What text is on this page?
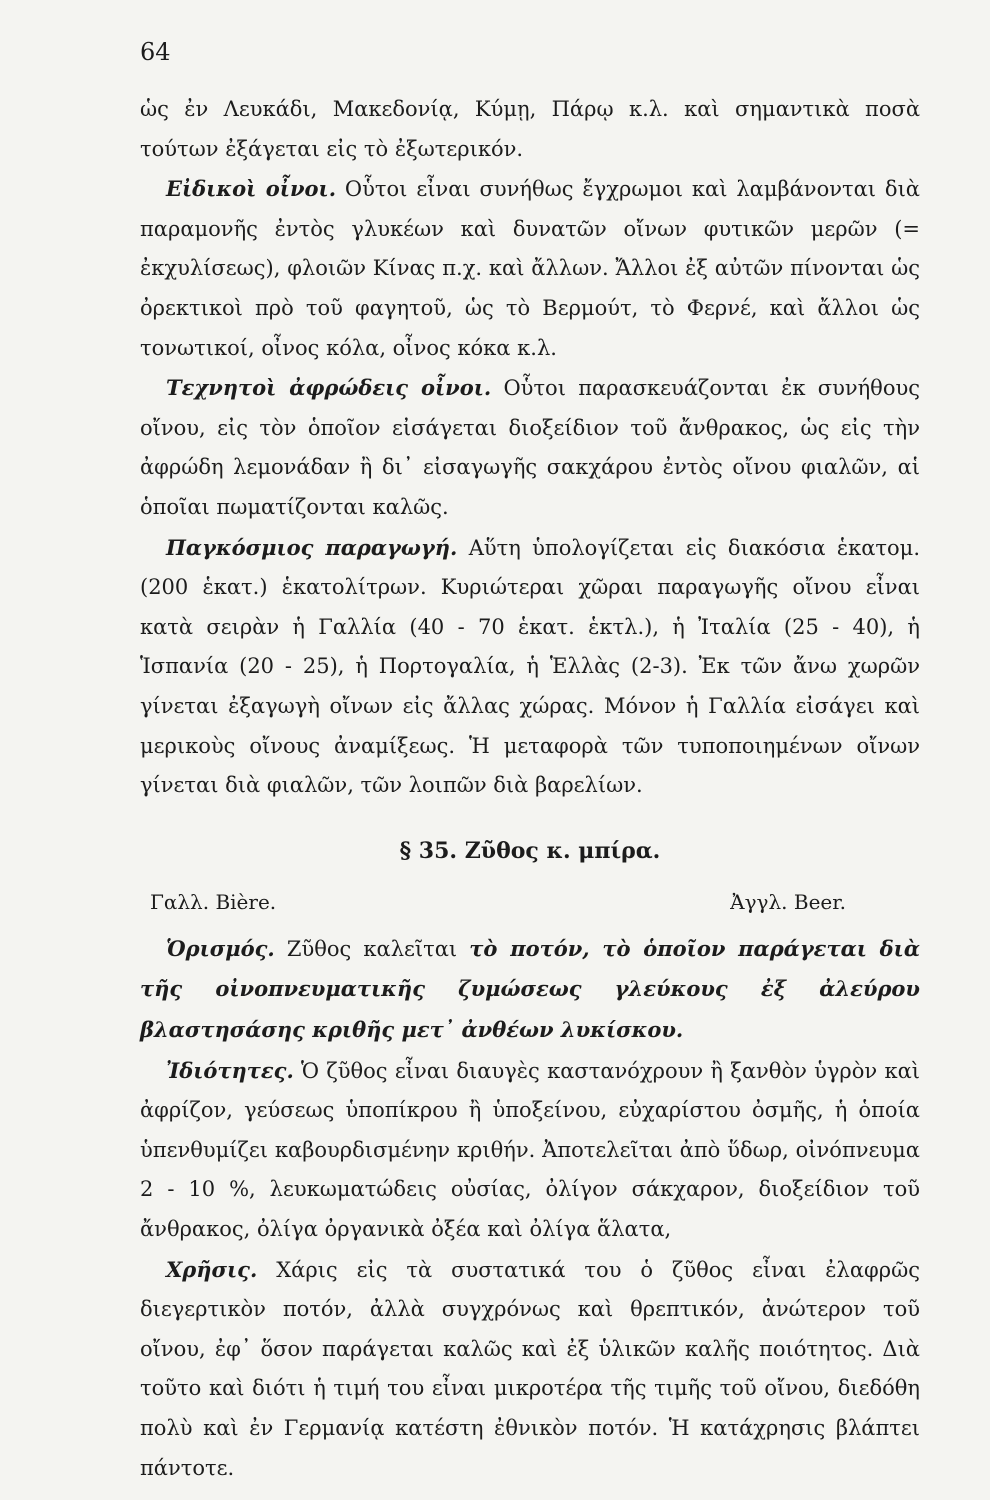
64

ὡς ἐν Λευκάδι, Μακεδονίᾳ, Κύμῃ, Πάρῳ κ.λ. καὶ σημαντικὰ ποσὰ τούτων ἐξάγεται εἰς τὸ ἐξωτερικόν.

Εἰδικοὶ οἶνοι. Οὗτοι εἶναι συνήθως ἔγχρωμοι καὶ λαμβάνονται διὰ παραμονῆς ἐντὸς γλυκέων καὶ δυνατῶν οἴνων φυτικῶν μερῶν (= ἐκχυλίσεως), φλοιῶν Κίνας π.χ. καὶ ἄλλων. Ἄλλοι ἐξ αὐτῶν πίνονται ὡς ὀρεκτικοὶ πρὸ τοῦ φαγητοῦ, ὡς τὸ Βερμούτ, τὸ Φερνέ, καὶ ἄλλοι ὡς τονωτικοί, οἶνος κόλα, οἶνος κόκα κ.λ.

Τεχνητοὶ ἀφρώδεις οἶνοι. Οὗτοι παρασκευάζονται ἐκ συνήθους οἴνου, εἰς τὸν ὁποῖον εἰσάγεται διοξείδιον τοῦ ἄνθρακος, ὡς εἰς τὴν ἀφρώδη λεμονάδαν ἢ δι᾽ εἰσαγωγῆς σακχάρου ἐντὸς οἴνου φιαλῶν, αἱ ὁποῖαι πωματίζονται καλῶς.

Παγκόσμιος παραγωγή. Αὕτη ὑπολογίζεται εἰς διακόσια ἑκατομ. (200 ἑκατ.) ἑκατολίτρων. Κυριώτεραι χῶραι παραγωγῆς οἴνου εἶναι κατὰ σειρὰν ἡ Γαλλία (40 - 70 ἑκατ. ἑκτλ.), ἡ Ἰταλία (25 - 40), ἡ Ἱσπανία (20 - 25), ἡ Πορτογαλία, ἡ Ἑλλὰς (2-3). Ἐκ τῶν ἄνω χωρῶν γίνεται ἐξαγωγὴ οἴνων εἰς ἄλλας χώρας. Μόνον ἡ Γαλλία εἰσάγει καὶ μερικοὺς οἴνους ἀναμίξεως. Ἡ μεταφορὰ τῶν τυποποιημένων οἴνων γίνεται διὰ φιαλῶν, τῶν λοιπῶν διὰ βαρελίων.

§ 35. Ζῦθος κ. μπίρα.
Γαλλ. Bière.	Ἀγγλ. Beer.

Ὁρισμός. Ζῦθος καλεῖται τὸ ποτόν, τὸ ὁποῖον παράγεται διὰ τῆς οἰνοπνευματικῆς ζυμώσεως γλεύκους ἐξ ἀλεύρου βλαστησάσης κριθῆς μετ᾽ ἀνθέων λυκίσκου.

Ἰδιότητες. Ὁ ζῦθος εἶναι διαυγὲς καστανόχρουν ἢ ξανθὸν ὑγρὸν καὶ ἀφρίζον, γεύσεως ὑποπίκρου ἢ ὑποξείνου, εὐχαρίστου ὀσμῆς, ἡ ὁποία ὑπενθυμίζει καβουρδισμένην κριθήν. Ἀποτελεῖται ἀπὸ ὕδωρ, οἰνόπνευμα 2 - 10 %, λευκωματώδεις οὐσίας, ὀλίγον σάκχαρον, διοξείδιον τοῦ ἄνθρακος, ὀλίγα ὀργανικὰ ὀξέα καὶ ὀλίγα ἅλατα,

Χρῆσις. Χάρις εἰς τὰ συστατικά του ὁ ζῦθος εἶναι ἐλαφρῶς διεγερτικὸν ποτόν, ἀλλὰ συγχρόνως καὶ θρεπτικόν, ἀνώτερον τοῦ οἴνου, ἐφ᾽ ὅσον παράγεται καλῶς καὶ ἐξ ὑλικῶν καλῆς ποιότητος. Διὰ τοῦτο καὶ διότι ἡ τιμή του εἶναι μικροτέρα τῆς τιμῆς τοῦ οἴνου, διεδόθη πολὺ καὶ ἐν Γερμανίᾳ κατέστη ἐθνικὸν ποτόν. Ἡ κατάχρησις βλάπτει πάντοτε.
